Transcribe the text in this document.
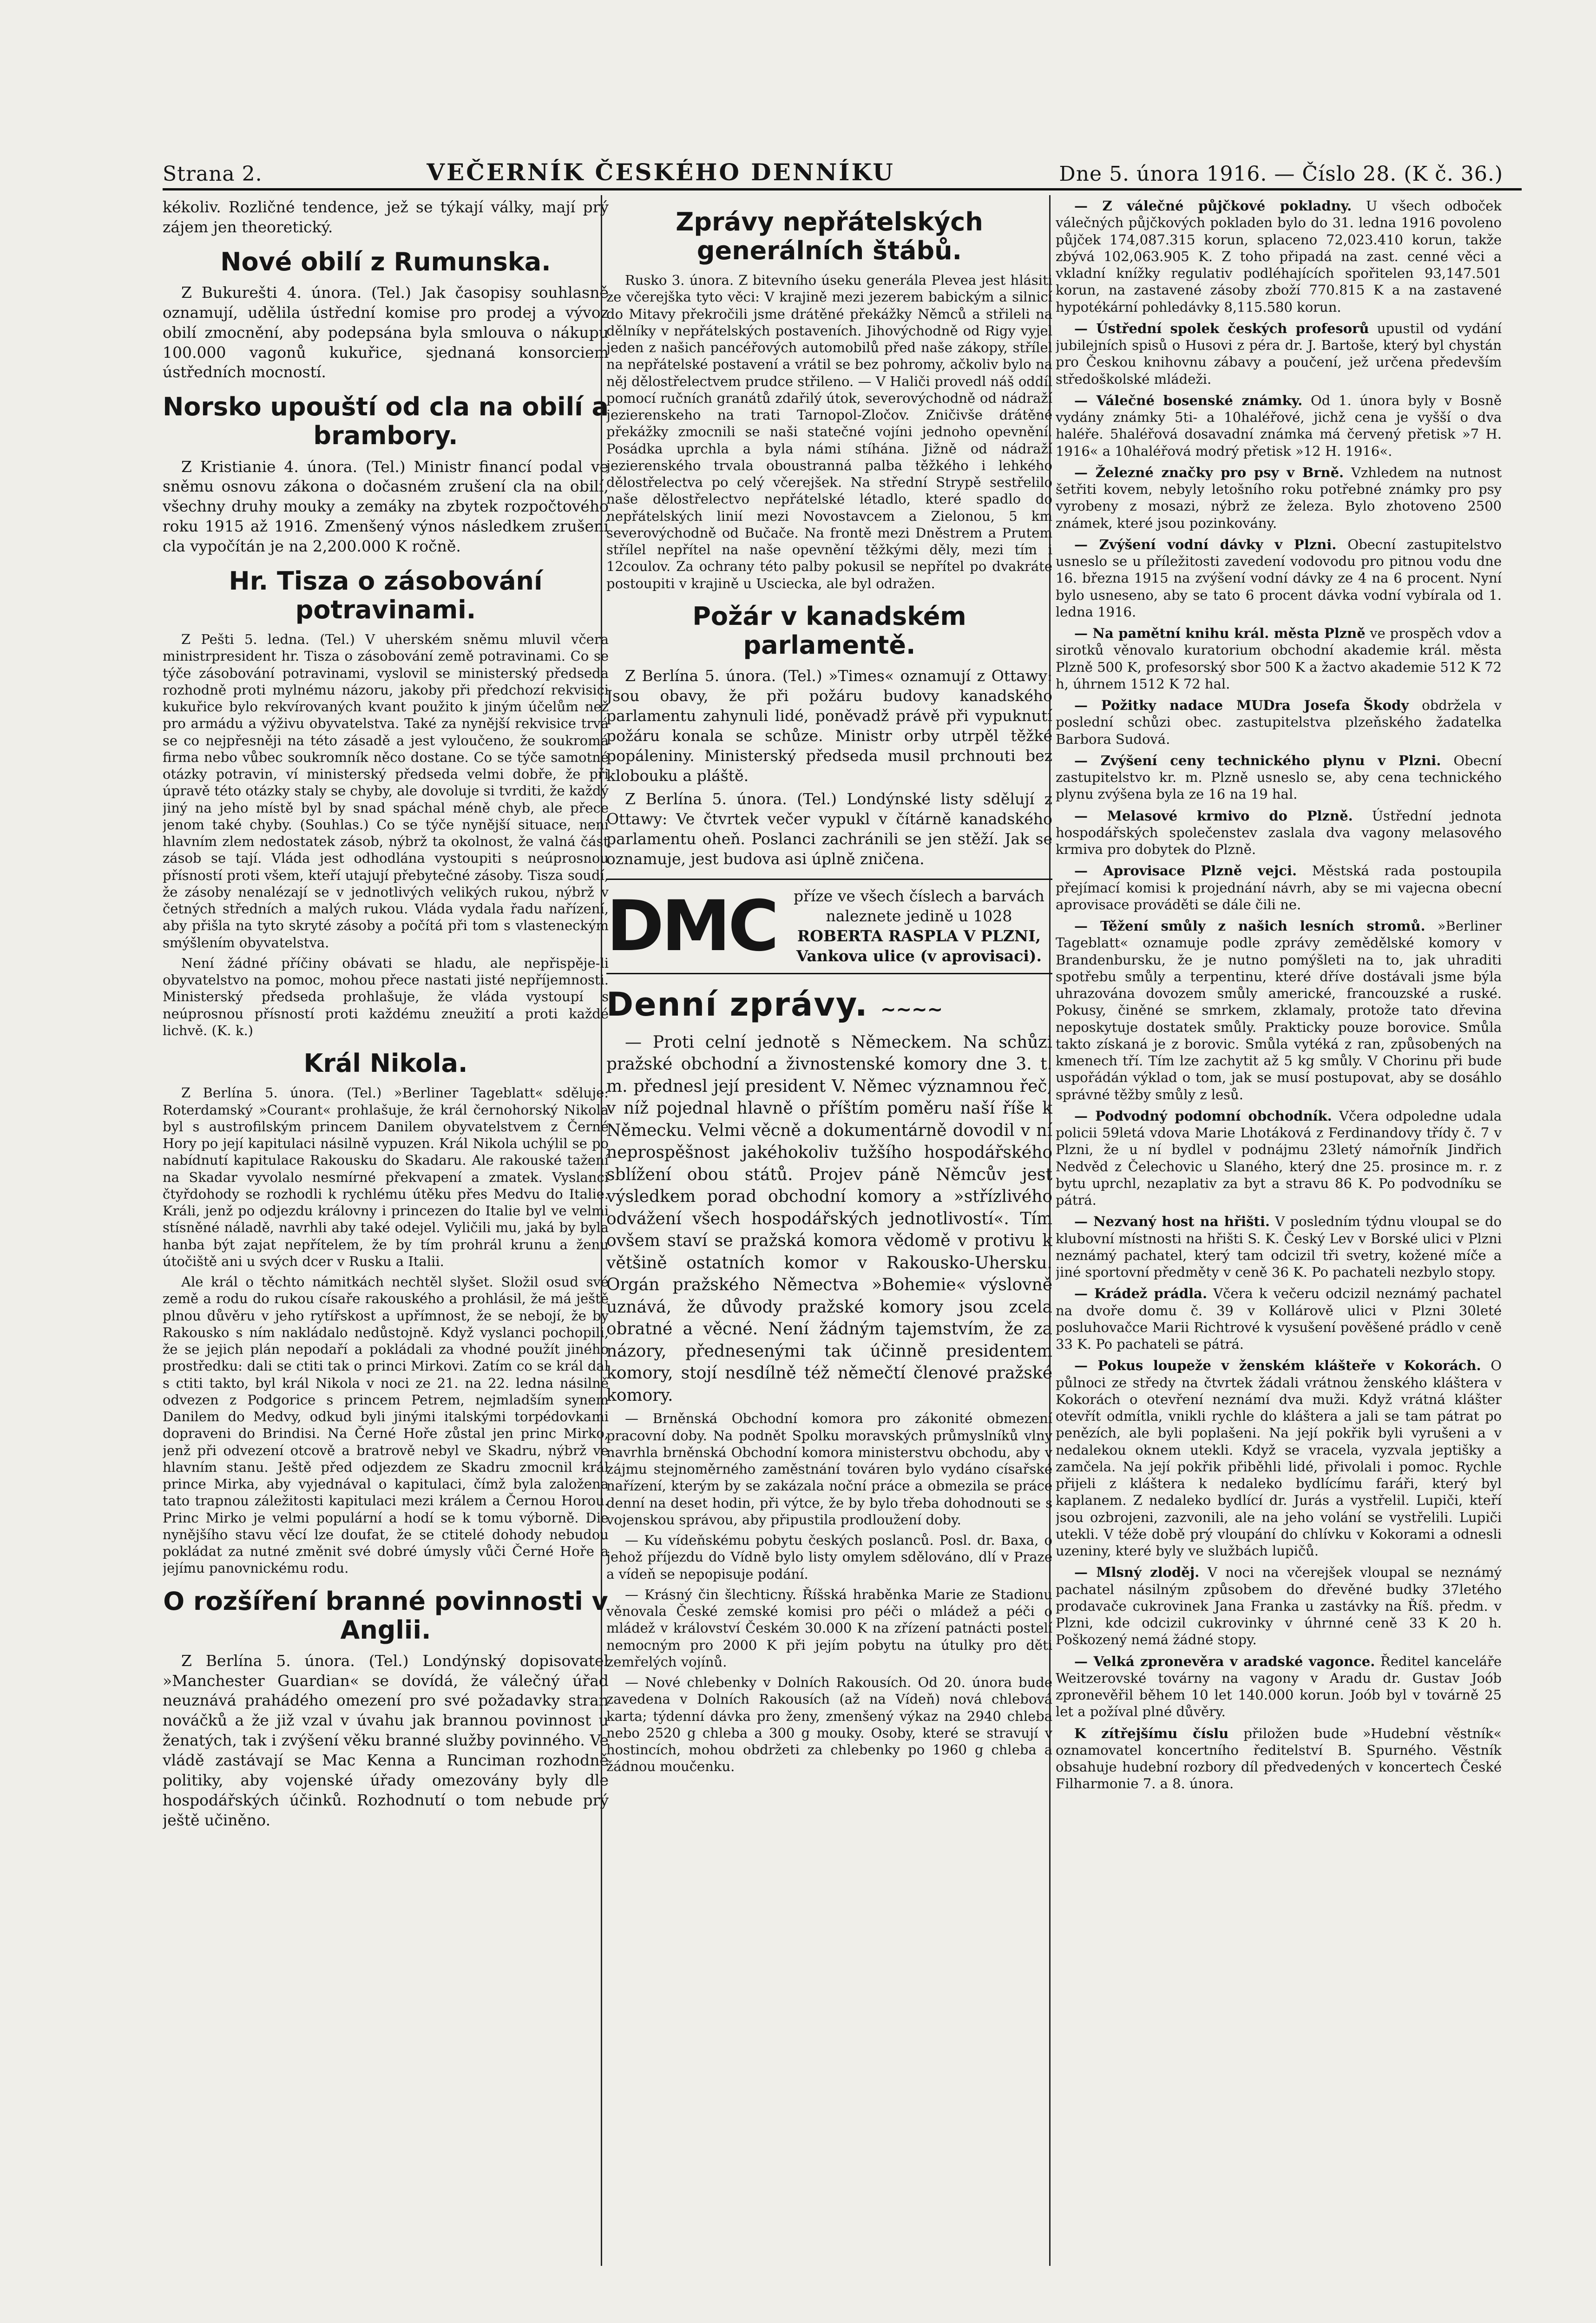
Strana 2.	VEČERNÍK ČESKÉHO DENNÍKU	Dne 5. února 1916. — Číslo 28. (K č. 36.)

kékoliv. Rozličné tendence, jež se týkají války, mají prý zájem jen theoretický.

Nové obilí z Rumunska.

Z Bukurešti 4. února. (Tel.) Jak časopisy souhlasně oznamují, udělila ústřední komise pro prodej a vývoz obilí zmocnění, aby podepsána byla smlouva o nákupu 100.000 vagonů kukuřice, sjednaná konsorciem ústředních mocností.

Norsko upouští od cla na obilí a brambory.

Z Kristianie 4. února. (Tel.) Ministr financí podal ve sněmu osnovu zákona o dočasném zrušení cla na obilí, všechny druhy mouky a zemáky na zbytek rozpočtového roku 1915 až 1916. Zmenšený výnos následkem zrušení cla vypočítán je na 2,200.000 K ročně.

Hr. Tisza o zásobování potravinami.

Z Pešti 5. ledna. (Tel.) V uherském sněmu mluvil včera ministrpresident hr. Tisza o zásobování země potravinami. Co se týče zásobování potravinami, vyslovil se ministerský předseda rozhodně proti mylnému názoru, jakoby při předchozí rekvisici kukuřice bylo rekvírovaných kvant použito k jiným účelům než pro armádu a výživu obyvatelstva. Také za nynější rekvisice trvá se co nejpřesněji na této zásadě a jest vyloučeno, že soukromá firma nebo vůbec soukromník něco dostane. Co se týče samotné otázky potravin, ví ministerský předseda velmi dobře, že při úpravě této otázky staly se chyby, ale dovoluje si tvrditi, že každý jiný na jeho místě byl by snad spáchal méně chyb, ale přece jenom také chyby. (Souhlas.) Co se týče nynější situace, není hlavním zlem nedostatek zásob, nýbrž ta okolnost, že valná část zásob se tají. Vláda jest odhodlána vystoupiti s neúprosnou přísností proti všem, kteří utajují přebytečné zásoby. Tisza soudí, že zásoby nenalézají se v jednotlivých velikých rukou, nýbrž v četných středních a malých rukou. Vláda vydala řadu nařízení, aby přišla na tyto skryté zásoby a počítá při tom s vlasteneckým smýšlením obyvatelstva.

Není žádné příčiny obávati se hladu, ale nepřispěje-li obyvatelstvo na pomoc, mohou přece nastati jisté nepříjemnosti. Ministerský předseda prohlašuje, že vláda vystoupí s neúprosnou přísností proti každému zneužití a proti každé lichvě. (K. k.)

Král Nikola.

Z Berlína 5. února. (Tel.) »Berliner Tageblatt« sděluje: Roterdamský »Courant« prohlašuje, že král černohorský Nikola byl s austrofilským princem Danilem obyvatelstvem z Černé Hory po její kapitulaci násilně vypuzen. Král Nikola uchýlil se po nabídnutí kapitulace Rakousku do Skadaru. Ale rakouské tažení na Skadar vyvolalo nesmírné překvapení a zmatek. Vyslanci čtyřdohody se rozhodli k rychlému útěku přes Medvu do Italie. Králi, jenž po odjezdu královny i princezen do Italie byl ve velmi stísněné náladě, navrhli aby také odejel. Vyličili mu, jaká by byla hanba být zajat nepřítelem, že by tím prohrál krunu a ženu útočiště ani u svých dcer v Rusku a Italii.

Ale král o těchto námitkách nechtěl slyšet. Složil osud své země a rodu do rukou císaře rakouského a prohlásil, že má ještě plnou důvěru v jeho rytířskost a upřímnost, že se nebojí, že by Rakousko s ním nakládalo nedůstojně. Když vyslanci pochopili, že se jejich plán nepodaří a pokládali za vhodné použít jiného prostředku: dali se ctiti tak o princi Mirkovi. Zatím co se král dal s ctiti takto, byl král Nikola v noci ze 21. na 22. ledna násilně odvezen z Podgorice s princem Petrem, nejmladším synem Danilem do Medvy, odkud byli jinými italskými torpédovkami dopraveni do Brindisi. Na Černé Hoře zůstal jen princ Mirko, jenž při odvezení otcově a bratrově nebyl ve Skadru, nýbrž ve hlavním stanu. Ještě před odjezdem ze Skadru zmocnil král prince Mirka, aby vyjednával o kapitulaci, čímž byla založena tato trapnou záležitosti kapitulaci mezi králem a Černou Horou. Princ Mirko je velmi populární a hodí se k tomu výborně. Die nynějšího stavu věcí lze doufat, že se ctitelé dohody nebudou pokládat za nutné změnit své dobré úmysly vůči Černé Hoře a jejímu panovnickému rodu.

O rozšíření branné povinnosti v Anglii.

Z Berlína 5. února. (Tel.) Londýnský dopisovatel »Manchester Guardian« se dovídá, že válečný úřad neuznává prahádého omezení pro své požadavky stran nováčků a že již vzal v úvahu jak brannou povinnost u ženatých, tak i zvýšení věku branné služby povinného. Ve vládě zastávají se Mac Kenna a Runciman rozhodně politiky, aby vojenské úřady omezovány byly dle hospodářských účinků. Rozhodnutí o tom nebude prý ještě učiněno.

Zprávy nepřátelských generálních štábů.

Rusko 3. února. Z bitevního úseku generála Plevea jest hlásiti ze včerejška tyto věci: V krajině mezi jezerem babickým a silnicí do Mitavy překročili jsme drátěné překážky Němců a střileli na dělníky v nepřátelských postaveních. Jihovýchodně od Rigy vyjel jeden z našich pancéřových automobilů před naše zákopy, střílel na nepřátelské postavení a vrátil se bez pohromy, ačkoliv bylo na něj dělostřelectvem prudce střileno. — V Haliči provedl náš oddíl pomocí ručních granátů zdařilý útok, severovýchodně od nádraží jezierenskeho na trati Tarnopol-Zločov. Zničivše drátěné překážky zmocnili se naši statečné vojíni jednoho opevnění. Posádka uprchla a byla námi stíhána. Jižně od nádraží jezierenského trvala oboustranná palba těžkého i lehkého dělostřelectva po celý včerejšek. Na střední Strypě sestřelilo naše dělostřelectvo nepřátelské létadlo, které spadlo do nepřátelských linií mezi Novostavcem a Zielonou, 5 km severovýchodně od Bučače. Na frontě mezi Dněstrem a Prutem střílel nepřítel na naše opevnění těžkými děly, mezi tím i 12coulov. Za ochrany této palby pokusil se nepřítel po dvakráte postoupiti v krajině u Usciecka, ale byl odražen.

Požár v kanadském parlamentě.

Z Berlína 5. února. (Tel.) »Times« oznamují z Ottawy: Jsou obavy, že při požáru budovy kanadského parlamentu zahynuli lidé, poněvadž právě při vypuknutí požáru konala se schůze. Ministr orby utrpěl těžké popáleniny. Ministerský předseda musil prchnouti bez klobouku a pláště.

Z Berlína 5. února. (Tel.) Londýnské listy sdělují z Ottawy: Ve čtvrtek večer vypukl v čítárně kanadského parlamentu oheň. Poslanci zachránili se jen stěží. Jak se oznamuje, jest budova asi úplně zničena.

DMC	příze ve všech číslech a barvách
naleznete jedině u 1028
ROBERTA RASPLA V PLZNI,
Vankova ulice (v aprovisaci).
Denní zprávy. ~~~~

— Proti celní jednotě s Německem. Na schůzi pražské obchodní a živnostenské komory dne 3. t. m. přednesl její president V. Němec významnou řeč, v níž pojednal hlavně o příštím poměru naší říše k Německu. Velmi věcně a dokumentárně dovodil v ní neprospěšnost jakéhokoliv tužšího hospodářského sblížení obou států. Projev páně Němcův jest výsledkem porad obchodní komory a »střízlivého odvážení všech hospodářských jednotlivostí«. Tím ovšem staví se pražská komora vědomě v protivu k většině ostatních komor v Rakousko-Uhersku. Orgán pražského Němectva »Bohemie« výslovně uznává, že důvody pražské komory jsou zcela obratné a věcné. Není žádným tajemstvím, že za názory, přednesenými tak účinně presidentem komory, stojí nesdílně též němečtí členové pražské komory.

— Brněnská Obchodní komora pro zákonité obmezení pracovní doby. Na podnět Spolku moravských průmyslníků vlny navrhla brněnská Obchodní komora ministerstvu obchodu, aby v zájmu stejnoměrného zaměstnání továren bylo vydáno císařské nařízení, kterým by se zakázala noční práce a obmezila se práce denní na deset hodin, při výtce, že by bylo třeba dohodnouti se s vojenskou správou, aby připustila prodloužení doby.

— Ku vídeňskému pobytu českých poslanců. Posl. dr. Baxa, o jehož příjezdu do Vídně bylo listy omylem sdělováno, dlí v Praze a vídeň se nepopisuje podání.

— Krásný čin šlechticny. Říšská hraběnka Marie ze Stadionu věnovala České zemské komisi pro péči o mládež a péči o mládež v království Českém 30.000 K na zřízení patnácti postelí nemocným pro 2000 K při jejím pobytu na útulky pro děti zemřelých vojínů.

— Nové chlebenky v Dolních Rakousích. Od 20. února bude zavedena v Dolních Rakousích (až na Vídeň) nová chlebová karta; týdenní dávka pro ženy, zmenšený výkaz na 2940 chleba nebo 2520 g chleba a 300 g mouky. Osoby, které se stravují v hostincích, mohou obdržeti za chlebenky po 1960 g chleba a žádnou moučenku.

— Z válečné půjčkové pokladny. U všech odboček válečných půjčkových pokladen bylo do 31. ledna 1916 povoleno půjček 174,087.315 korun, splaceno 72,023.410 korun, takže zbývá 102,063.905 K. Z toho připadá na zast. cenné věci a vkladní knížky regulativ podléhajících spořitelen 93,147.501 korun, na zastavené zásoby zboží 770.815 K a na zastavené hypotékární pohledávky 8,115.580 korun.
— Ústřední spolek českých profesorů upustil od vydání jubilejních spisů o Husovi z péra dr. J. Bartoše, který byl chystán pro Českou knihovnu zábavy a poučení, jež určena především středoškolské mládeži.
— Válečné bosenské známky. Od 1. února byly v Bosně vydány známky 5ti- a 10haléřové, jichž cena je vyšší o dva haléře. 5haléřová dosavadní známka má červený přetisk »7 H. 1916« a 10haléřová modrý přetisk »12 H. 1916«.
— Železné značky pro psy v Brně. Vzhledem na nutnost šetřiti kovem, nebyly letošního roku potřebné známky pro psy vyrobeny z mosazi, nýbrž ze železa. Bylo zhotoveno 2500 známek, které jsou pozinkovány.
— Zvýšení vodní dávky v Plzni. Obecní zastupitelstvo usneslo se u příležitosti zavedení vodovodu pro pitnou vodu dne 16. března 1915 na zvýšení vodní dávky ze 4 na 6 procent. Nyní bylo usneseno, aby se tato 6 procent dávka vodní vybírala od 1. ledna 1916.
— Na pamětní knihu král. města Plzně ve prospěch vdov a sirotků věnovalo kuratorium obchodní akademie král. města Plzně 500 K, profesorský sbor 500 K a žactvo akademie 512 K 72 h, úhrnem 1512 K 72 hal.
— Požitky nadace MUDra Josefa Škody obdržela v poslední schůzi obec. zastupitelstva plzeňského žadatelka Barbora Sudová.
— Zvýšení ceny technického plynu v Plzni. Obecní zastupitelstvo kr. m. Plzně usneslo se, aby cena technického plynu zvýšena byla ze 16 na 19 hal.
— Melasové krmivo do Plzně. Ústřední jednota hospodářských společenstev zaslala dva vagony melasového krmiva pro dobytek do Plzně.
— Aprovisace Plzně vejci. Městská rada postoupila přejímací komisi k projednání návrh, aby se mi vajecna obecní aprovisace prováděti se dále čili ne.
— Těžení smůly z našich lesních stromů. »Berliner Tageblatt« oznamuje podle zprávy zemědělské komory v Brandenbursku, že je nutno pomýšleti na to, jak uhraditi spotřebu smůly a terpentinu, které dříve dostávali jsme býla uhrazována dovozem smůly americké, francouzské a ruské. Pokusy, činěné se smrkem, zklamaly, protože tato dřevina neposkytuje dostatek smůly. Prakticky pouze borovice. Smůla takto získaná je z borovic. Smůla vytéká z ran, způsobených na kmenech tří. Tím lze zachytit až 5 kg smůly. V Chorinu při bude uspořádán výklad o tom, jak se musí postupovat, aby se dosáhlo správné těžby smůly z lesů.
— Podvodný podomní obchodník. Včera odpoledne udala policii 59letá vdova Marie Lhotáková z Ferdinandovy třídy č. 7 v Plzni, že u ní bydlel v podnájmu 23letý námořník Jindřich Nedvěd z Čelechovic u Slaného, který dne 25. prosince m. r. z bytu uprchl, nezaplativ za byt a stravu 86 K. Po podvodníku se pátrá.
— Nezvaný host na hřišti. V posledním týdnu vloupal se do klubovní místnosti na hřišti S. K. Český Lev v Borské ulici v Plzni neznámý pachatel, který tam odcizil tři svetry, kožené míče a jiné sportovní předměty v ceně 36 K. Po pachateli nezbylo stopy.
— Krádež prádla. Včera k večeru odcizil neznámý pachatel na dvoře domu č. 39 v Kollárově ulici v Plzni 30leté posluhovačce Marii Richtrové k vysušení pověšené prádlo v ceně 33 K. Po pachateli se pátrá.
— Pokus loupeže v ženském klášteře v Kokorách. O půlnoci ze středy na čtvrtek žádali vrátnou ženského kláštera v Kokorách o otevření neznámí dva muži. Když vrátná klášter otevřít odmítla, vnikli rychle do kláštera a jali se tam pátrat po penězích, ale byli poplašeni. Na její pokřik byli vyrušeni a v nedalekou oknem utekli. Když se vracela, vyzvala jeptišky a zamčela. Na její pokřik přiběhli lidé, přivolali i pomoc. Rychle přijeli z kláštera k nedaleko bydlícímu faráři, který byl kaplanem. Z nedaleko bydlící dr. Jurás a vystřelil. Lupiči, kteří jsou ozbrojeni, zazvonili, ale na jeho volání se vystřelili. Lupiči utekli. V téže době prý vloupání do chlívku v Kokorami a odnesli uzeniny, které byly ve službách lupičů.
— Mlsný zloděj. V noci na včerejšek vloupal se neznámý pachatel násilným způsobem do dřevěné budky 37letého prodavače cukrovinek Jana Franka u zastávky na Říš. předm. v Plzni, kde odcizil cukrovinky v úhrnné ceně 33 K 20 h. Poškozený nemá žádné stopy.
— Velká zpronevěra v aradské vagonce. Ředitel kanceláře Weitzerovské továrny na vagony v Aradu dr. Gustav Joób zpronevěřil během 10 let 140.000 korun. Joób byl v továrně 25 let a požíval plné důvěry.
K zítřejšímu číslu přiložen bude »Hudební věstník« oznamovatel koncertního ředitelství B. Spurného. Věstník obsahuje hudební rozbory díl předvedených v koncertech České Filharmonie 7. a 8. února.
